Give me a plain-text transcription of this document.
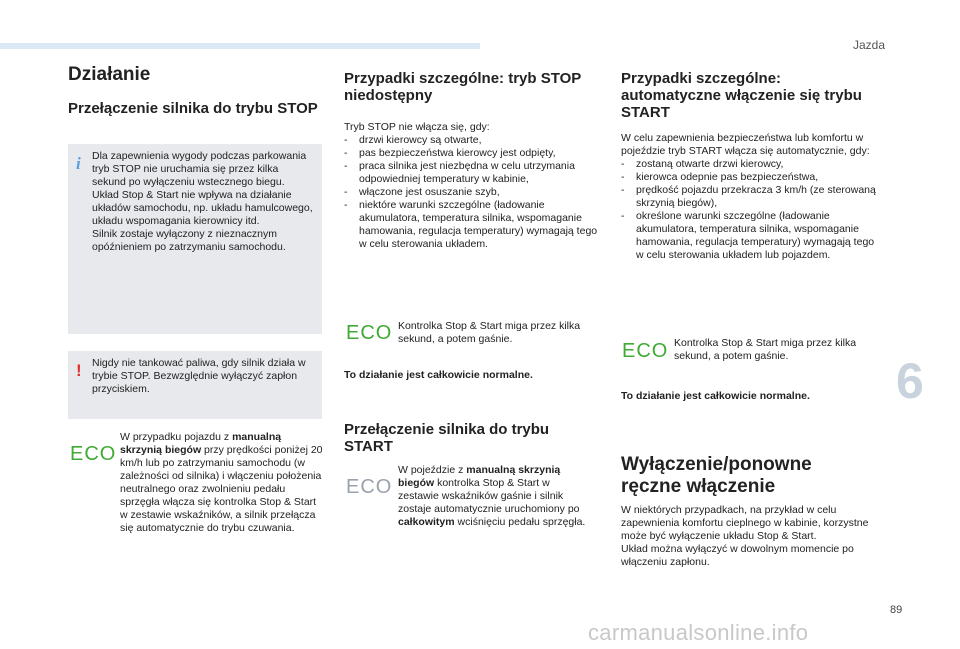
Jazda
6
89
carmanualsonline.info
Działanie
Przełączenie silnika do trybu STOP
i Dla zapewnienia wygody podczas parkowania tryb STOP nie uruchamia się przez kilka sekund po wyłączeniu wstecznego biegu.
Układ Stop & Start nie wpływa na działanie układów samochodu, np. układu hamulcowego, układu wspomagania kierownicy itd.
Silnik zostaje wyłączony z nieznacznym opóźnieniem po zatrzymaniu samochodu.

! Nigdy nie tankować paliwa, gdy silnik działa w trybie STOP. Bezwzględnie wyłączyć zapłon przyciskiem.

ECO

W przypadku pojazdu z manualną skrzynią biegów przy prędkości poniżej 20 km/h lub po zatrzymaniu samochodu (w zależności od silnika) i włączeniu położenia neutralnego oraz zwolnieniu pedału sprzęgła włącza się kontrolka Stop & Start w zestawie wskaźników, a silnik przełącza się automatycznie do trybu czuwania.

Przypadki szczególne: tryb STOP niedostępny

Tryb STOP nie włącza się, gdy:

- drzwi kierowcy są otwarte,
- pas bezpieczeństwa kierowcy jest odpięty,
- praca silnika jest niezbędna w celu utrzymania odpowiedniej temperatury w kabinie,
- włączone jest osuszanie szyb,
- niektóre warunki szczególne (ładowanie akumulatora, temperatura silnika, wspomaganie hamowania, regulacja temperatury) wymagają tego w celu sterowania układem.
ECO Kontrolka Stop & Start miga przez kilka sekund, a potem gaśnie.

To działanie jest całkowicie normalne.

Przełączenie silnika do trybu START
ECO

W pojeździe z manualną skrzynią biegów kontrolka Stop & Start w zestawie wskaźników gaśnie i silnik zostaje automatycznie uruchomiony po całkowitym wciśnięciu pedału sprzęgła.

Przypadki szczególne: automatyczne włączenie się trybu START

W celu zapewnienia bezpieczeństwa lub komfortu w pojeździe tryb START włącza się automatycznie, gdy:

- zostaną otwarte drzwi kierowcy,
- kierowca odepnie pas bezpieczeństwa,
- prędkość pojazdu przekracza 3 km/h (ze sterowaną skrzynią biegów),
- określone warunki szczególne (ładowanie akumulatora, temperatura silnika, wspomaganie hamowania, regulacja temperatury) wymagają tego w celu sterowania układem lub pojazdem.
ECO Kontrolka Stop & Start miga przez kilka sekund, a potem gaśnie.

To działanie jest całkowicie normalne.

Wyłączenie/ponowne ręczne włączenie

W niektórych przypadkach, na przykład w celu zapewnienia komfortu cieplnego w kabinie, korzystne może być wyłączenie układu Stop & Start.
Układ można wyłączyć w dowolnym momencie po włączeniu zapłonu.
